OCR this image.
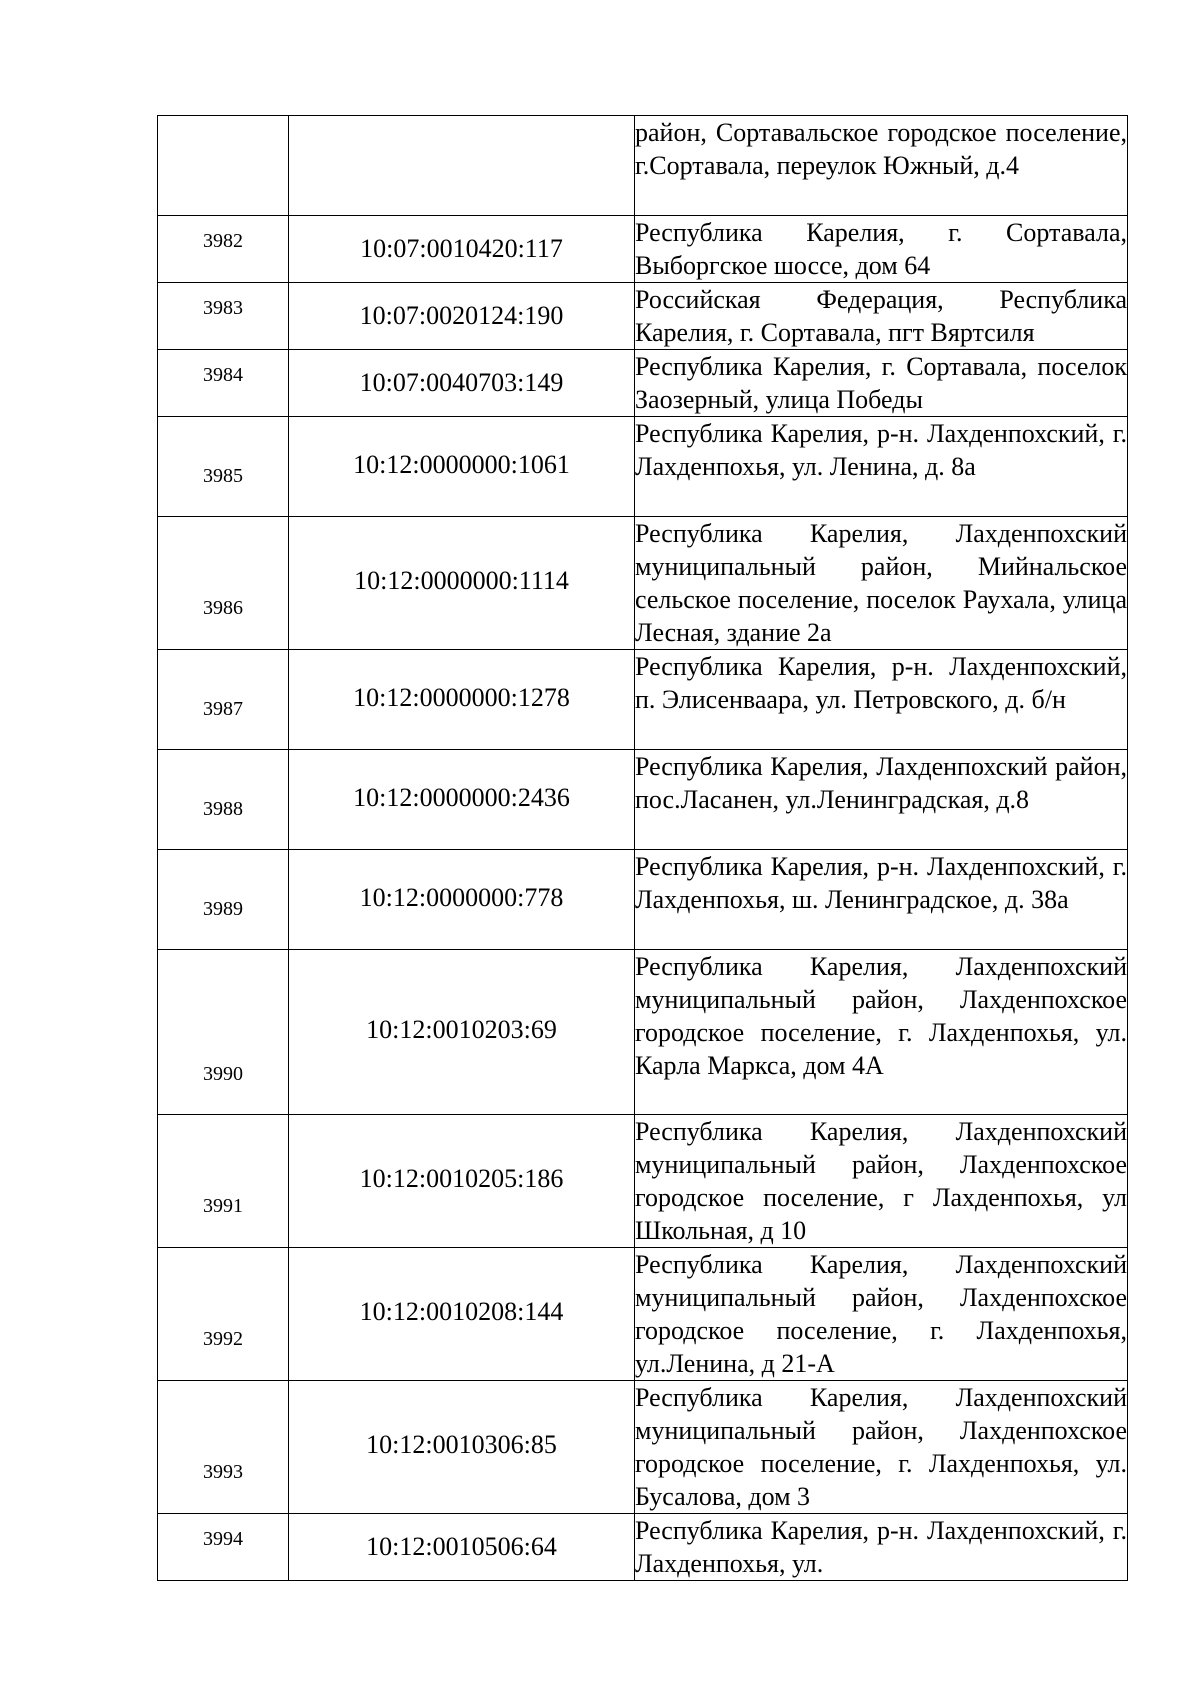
		район, Сортавальское городское поселение, г.Сортавала, переулок Южный, д.4

3982	10:07:0010420:117	Республика Карелия, г. Сортавала, Выборгское шоссе, дом 64

3983	10:07:0020124:190	Российская Федерация, Республика Карелия, г. Сортавала, пгт Вяртсиля

3984	10:07:0040703:149	Республика Карелия, г. Сортавала, поселок Заозерный, улица Победы

3985	10:12:0000000:1061	Республика Карелия, р-н. Лахденпохский, г. Лахденпохья, ул. Ленина, д. 8а

3986	10:12:0000000:1114	Республика Карелия, Лахденпохский муниципальный район, Мийнальское сельское поселение, поселок Раухала, улица Лесная, здание 2а

3987	10:12:0000000:1278	Республика Карелия, р-н. Лахденпохский, п. Элисенваара, ул. Петровского, д. б/н

3988	10:12:0000000:2436	Республика Карелия, Лахденпохский район, пос.Ласанен, ул.Ленинградская, д.8

3989	10:12:0000000:778	Республика Карелия, р-н. Лахденпохский, г. Лахденпохья, ш. Ленинградское, д. 38а

3990	10:12:0010203:69	Республика Карелия, Лахденпохский муниципальный район, Лахденпохское городское поселение, г. Лахденпохья, ул. Карла Маркса, дом 4А

3991	10:12:0010205:186	Республика Карелия, Лахденпохский муниципальный район, Лахденпохское городское поселение, г Лахденпохья, ул Школьная, д 10

3992	10:12:0010208:144	Республика Карелия, Лахденпохский муниципальный район, Лахденпохское городское поселение, г. Лахденпохья, ул.Ленина, д 21-А

3993	10:12:0010306:85	Республика Карелия, Лахденпохский муниципальный район, Лахденпохское городское поселение, г. Лахденпохья, ул. Бусалова, дом 3

3994	10:12:0010506:64	Республика Карелия, р-н. Лахденпохский, г. Лахденпохья, ул.
